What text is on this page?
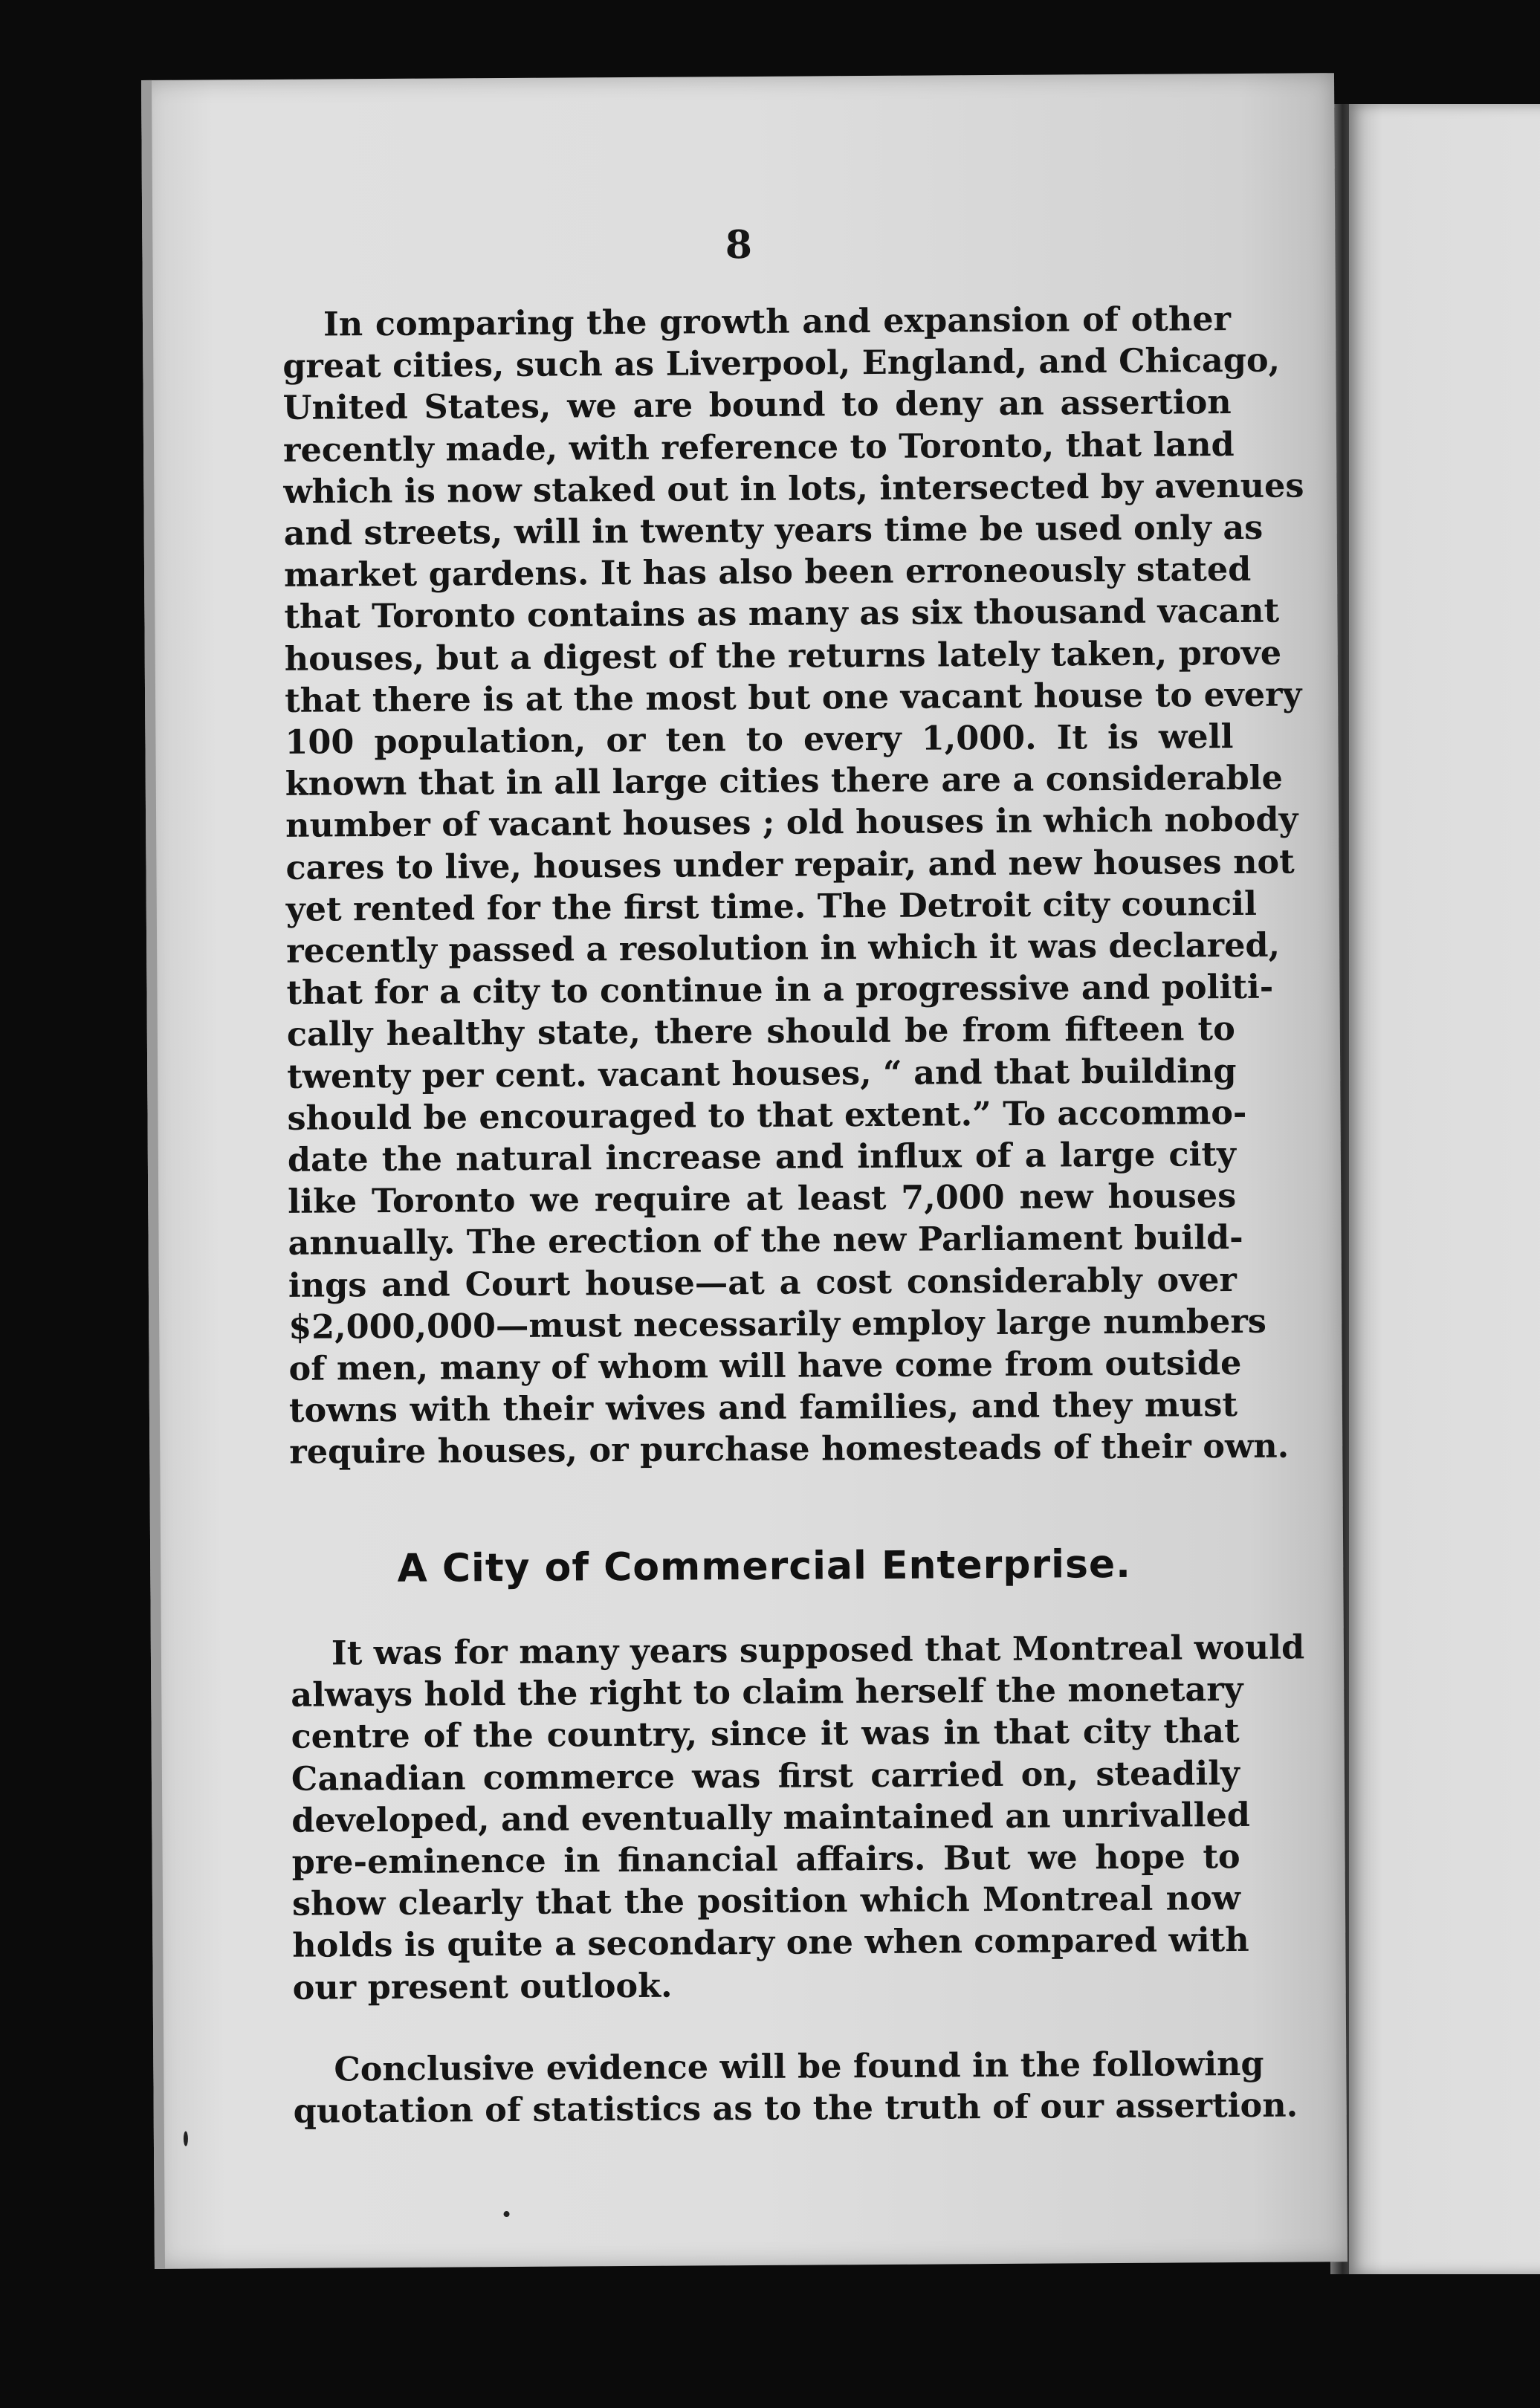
8
In comparing the growth and expansion of other
great cities, such as Liverpool, England, and Chicago,
United States, we are bound to deny an assertion
recently made, with reference to Toronto, that land
which is now staked out in lots, intersected by avenues
and streets, will in twenty years time be used only as
market gardens. It has also been erroneously stated
that Toronto contains as many as six thousand vacant
houses, but a digest of the returns lately taken, prove
that there is at the most but one vacant house to every
100 population, or ten to every 1,000. It is well
known that in all large cities there are a considerable
number of vacant houses ; old houses in which nobody
cares to live, houses under repair, and new houses not
yet rented for the first time. The Detroit city council
recently passed a resolution in which it was declared,
that for a city to continue in a progressive and politi-
cally healthy state, there should be from fifteen to
twenty per cent. vacant houses, “ and that building
should be encouraged to that extent.” To accommo-
date the natural increase and influx of a large city
like Toronto we require at least 7,000 new houses
annually. The erection of the new Parliament build-
ings and Court house—at a cost considerably over
$2,000,000—must necessarily employ large numbers
of men, many of whom will have come from outside
towns with their wives and families, and they must
require houses, or purchase homesteads of their own.
A City of Commercial Enterprise.
It was for many years supposed that Montreal would
always hold the right to claim herself the monetary
centre of the country, since it was in that city that
Canadian commerce was first carried on, steadily
developed, and eventually maintained an unrivalled
pre-eminence in financial affairs. But we hope to
show clearly that the position which Montreal now
holds is quite a secondary one when compared with
our present outlook.
Conclusive evidence will be found in the following
quotation of statistics as to the truth of our assertion.
